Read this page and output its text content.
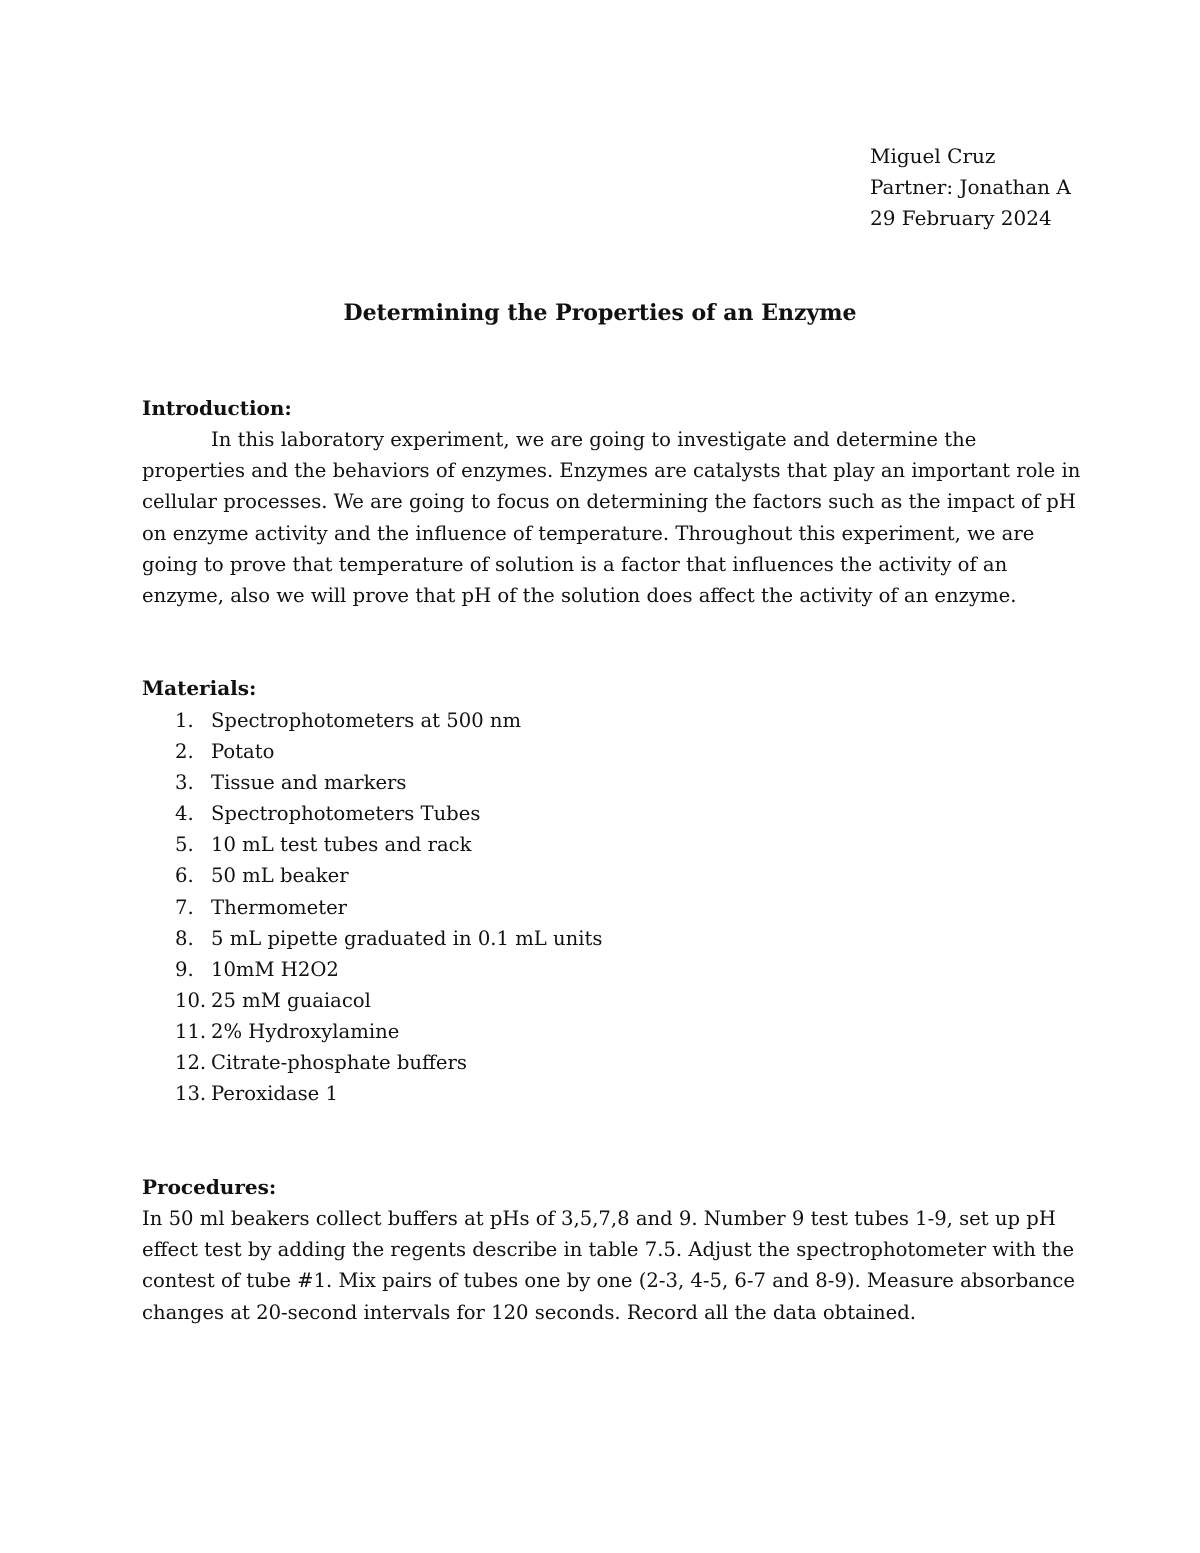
Miguel Cruz
Partner: Jonathan A
29 February 2024
Determining the Properties of an Enzyme
Introduction:

In this laboratory experiment, we are going to investigate and determine the properties and the behaviors of enzymes. Enzymes are catalysts that play an important role in cellular processes. We are going to focus on determining the factors such as the impact of pH on enzyme activity and the influence of temperature. Throughout this experiment, we are going to prove that temperature of solution is a factor that influences the activity of an enzyme, also we will prove that pH of the solution does affect the activity of an enzyme.

Materials:
1. Spectrophotometers at 500 nm
2. Potato
3. Tissue and markers
4. Spectrophotometers Tubes
5. 10 mL test tubes and rack
6. 50 mL beaker
7. Thermometer
8. 5 mL pipette graduated in 0.1 mL units
9. 10mM H2O2
10. 25 mM guaiacol
11. 2% Hydroxylamine
12. Citrate-phosphate buffers
13. Peroxidase 1
Procedures:

In 50 ml beakers collect buffers at pHs of 3,5,7,8 and 9. Number 9 test tubes 1-9, set up pH effect test by adding the regents describe in table 7.5. Adjust the spectrophotometer with the contest of tube #1. Mix pairs of tubes one by one (2-3, 4-5, 6-7 and 8-9). Measure absorbance changes at 20-second intervals for 120 seconds. Record all the data obtained.
